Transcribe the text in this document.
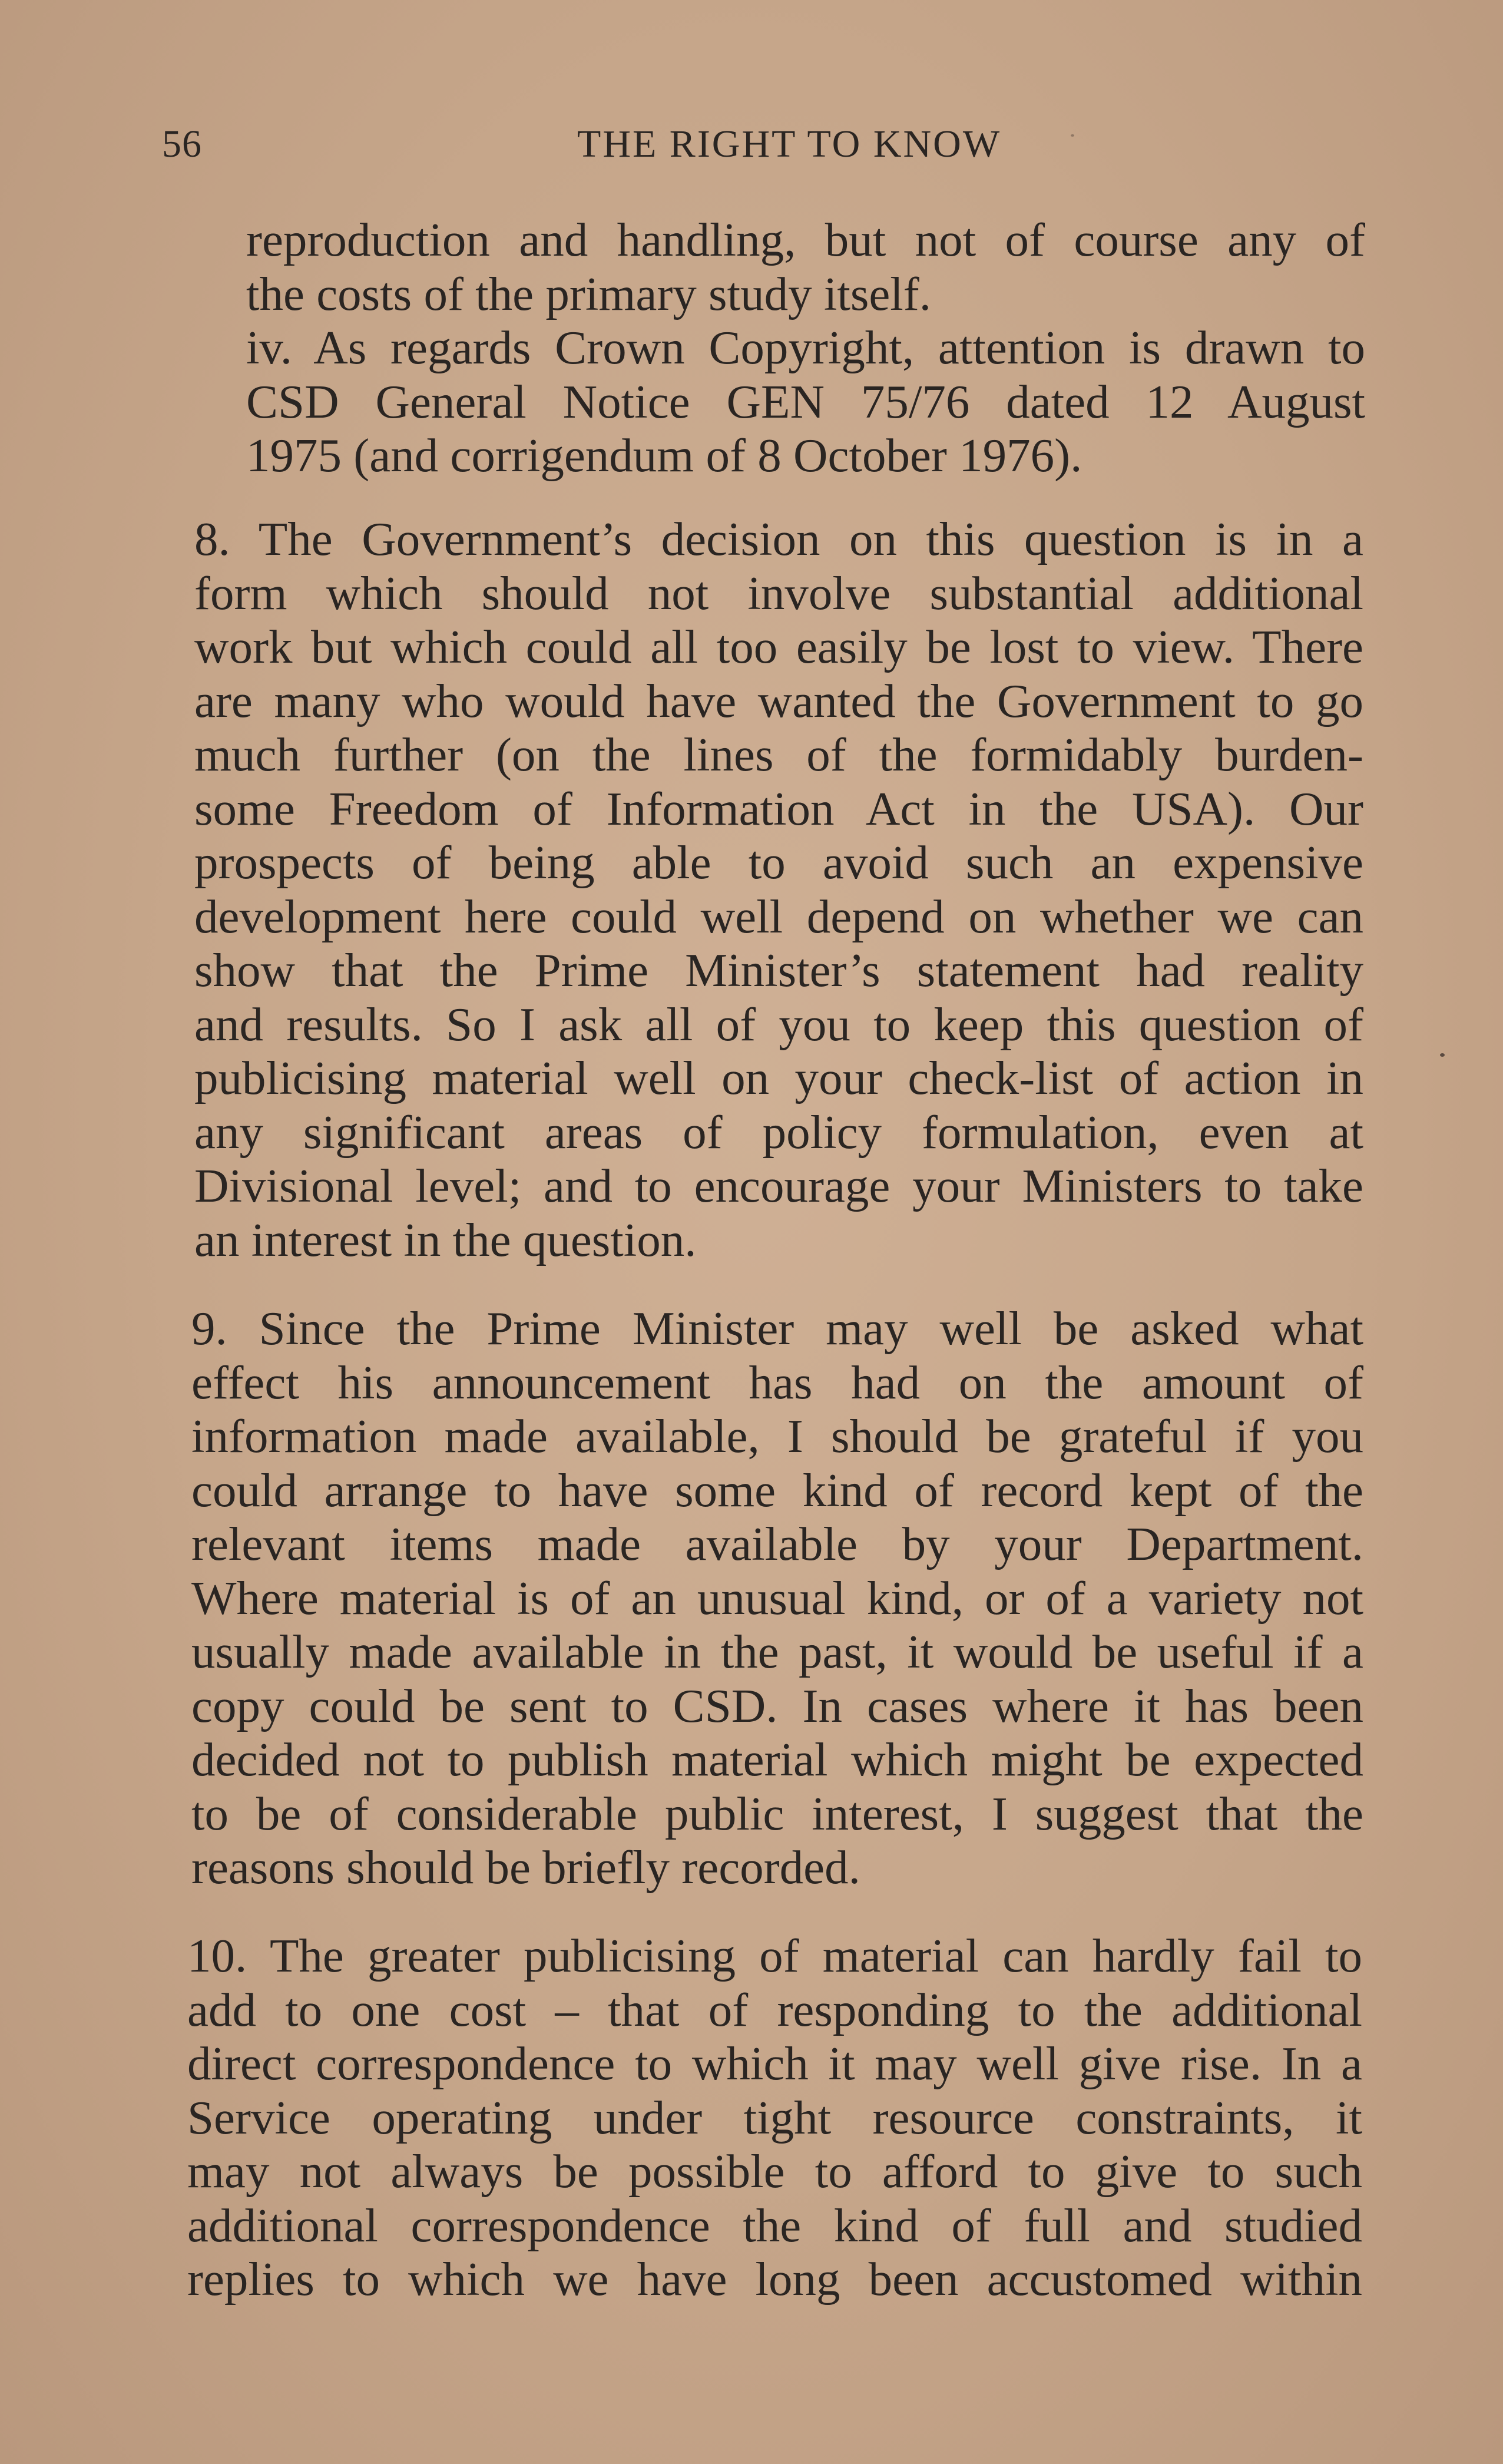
56	THE RIGHT TO KNOW
reproduction and handling, but not of course any of
the costs of the primary study itself.
iv. As regards Crown Copyright, attention is drawn to
CSD General Notice GEN 75/76 dated 12 August
1975 (and corrigendum of 8 October 1976).
8. The Government’s decision on this question is in a
form which should not involve substantial additional
work but which could all too easily be lost to view. There
are many who would have wanted the Government to go
much further (on the lines of the formidably burden-
some Freedom of Information Act in the USA). Our
prospects of being able to avoid such an expensive
development here could well depend on whether we can
show that the Prime Minister’s statement had reality
and results. So I ask all of you to keep this question of
publicising material well on your check-list of action in
any significant areas of policy formulation, even at
Divisional level; and to encourage your Ministers to take
an interest in the question.
9. Since the Prime Minister may well be asked what
effect his announcement has had on the amount of
information made available, I should be grateful if you
could arrange to have some kind of record kept of the
relevant items made available by your Department.
Where material is of an unusual kind, or of a variety not
usually made available in the past, it would be useful if a
copy could be sent to CSD. In cases where it has been
decided not to publish material which might be expected
to be of considerable public interest, I suggest that the
reasons should be briefly recorded.
10. The greater publicising of material can hardly fail to
add to one cost – that of responding to the additional
direct correspondence to which it may well give rise. In a
Service operating under tight resource constraints, it
may not always be possible to afford to give to such
additional correspondence the kind of full and studied
replies to which we have long been accustomed within
